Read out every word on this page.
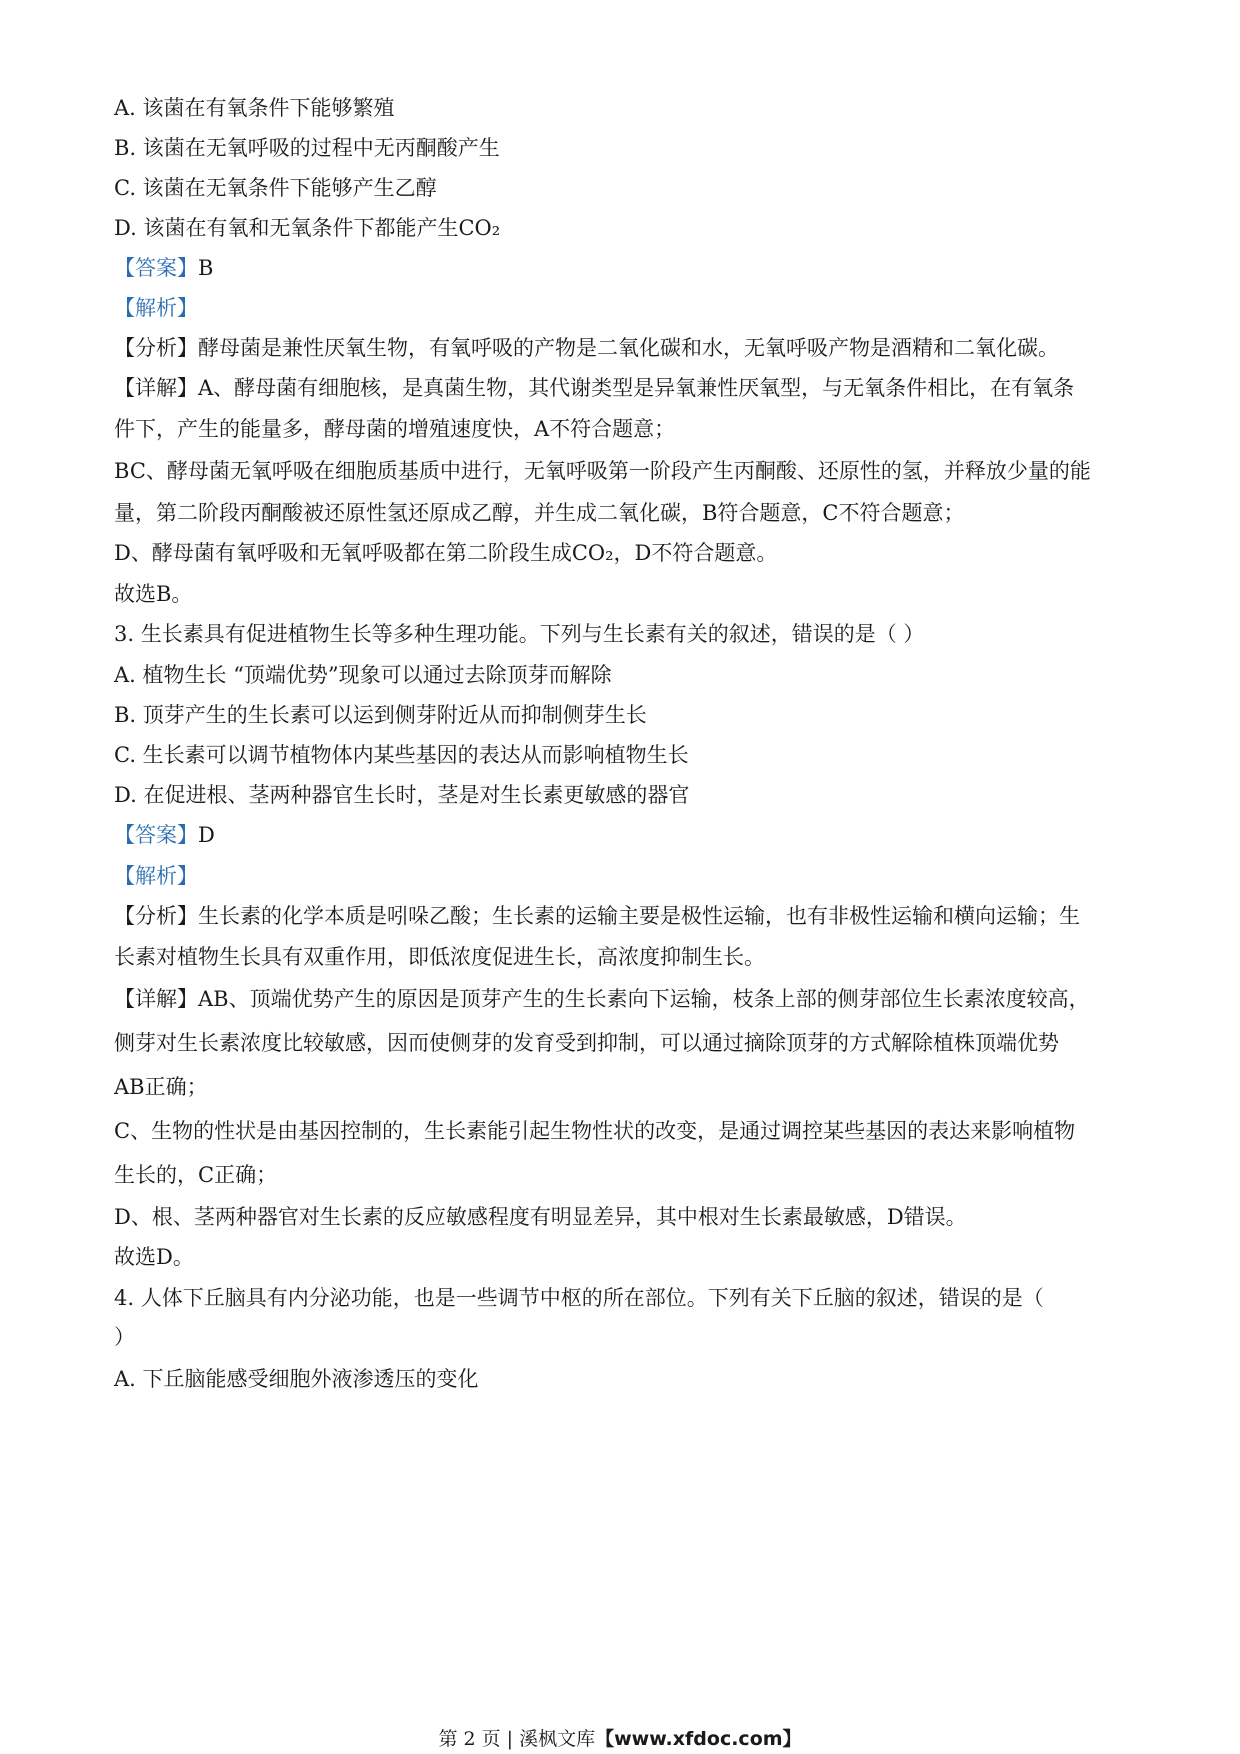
A. 该菌在有氧条件下能够繁殖
B. 该菌在无氧呼吸的过程中无丙酮酸产生
C. 该菌在无氧条件下能够产生乙醇
D. 该菌在有氧和无氧条件下都能产生CO₂
【答案】B
【解析】
【分析】酵母菌是兼性厌氧生物，有氧呼吸的产物是二氧化碳和水，无氧呼吸产物是酒精和二氧化碳。
【详解】A、酵母菌有细胞核，是真菌生物，其代谢类型是异氧兼性厌氧型，与无氧条件相比，在有氧条
件下，产生的能量多，酵母菌的增殖速度快，A不符合题意；
BC、酵母菌无氧呼吸在细胞质基质中进行，无氧呼吸第一阶段产生丙酮酸、还原性的氢，并释放少量的能
量，第二阶段丙酮酸被还原性氢还原成乙醇，并生成二氧化碳，B符合题意，C不符合题意；
D、酵母菌有氧呼吸和无氧呼吸都在第二阶段生成CO₂，D不符合题意。
故选B。
3. 生长素具有促进植物生长等多种生理功能。下列与生长素有关的叙述，错误的是（ ）
A. 植物生长 “顶端优势”现象可以通过去除顶芽而解除
B. 顶芽产生的生长素可以运到侧芽附近从而抑制侧芽生长
C. 生长素可以调节植物体内某些基因的表达从而影响植物生长
D. 在促进根、茎两种器官生长时，茎是对生长素更敏感的器官
【答案】D
【解析】
【分析】生长素的化学本质是吲哚乙酸；生长素的运输主要是极性运输，也有非极性运输和横向运输；生
长素对植物生长具有双重作用，即低浓度促进生长，高浓度抑制生长。
【详解】AB、顶端优势产生的原因是顶芽产生的生长素向下运输，枝条上部的侧芽部位生长素浓度较高，
侧芽对生长素浓度比较敏感，因而使侧芽的发育受到抑制，可以通过摘除顶芽的方式解除植株顶端优势
AB正确；
C、生物的性状是由基因控制的，生长素能引起生物性状的改变，是通过调控某些基因的表达来影响植物
生长的，C正确；
D、根、茎两种器官对生长素的反应敏感程度有明显差异，其中根对生长素最敏感，D错误。
故选D。
4. 人体下丘脑具有内分泌功能，也是一些调节中枢的所在部位。下列有关下丘脑的叙述，错误的是（
）
A. 下丘脑能感受细胞外液渗透压的变化
第 2 页 | 溪枫文库【www.xfdoc.com】
